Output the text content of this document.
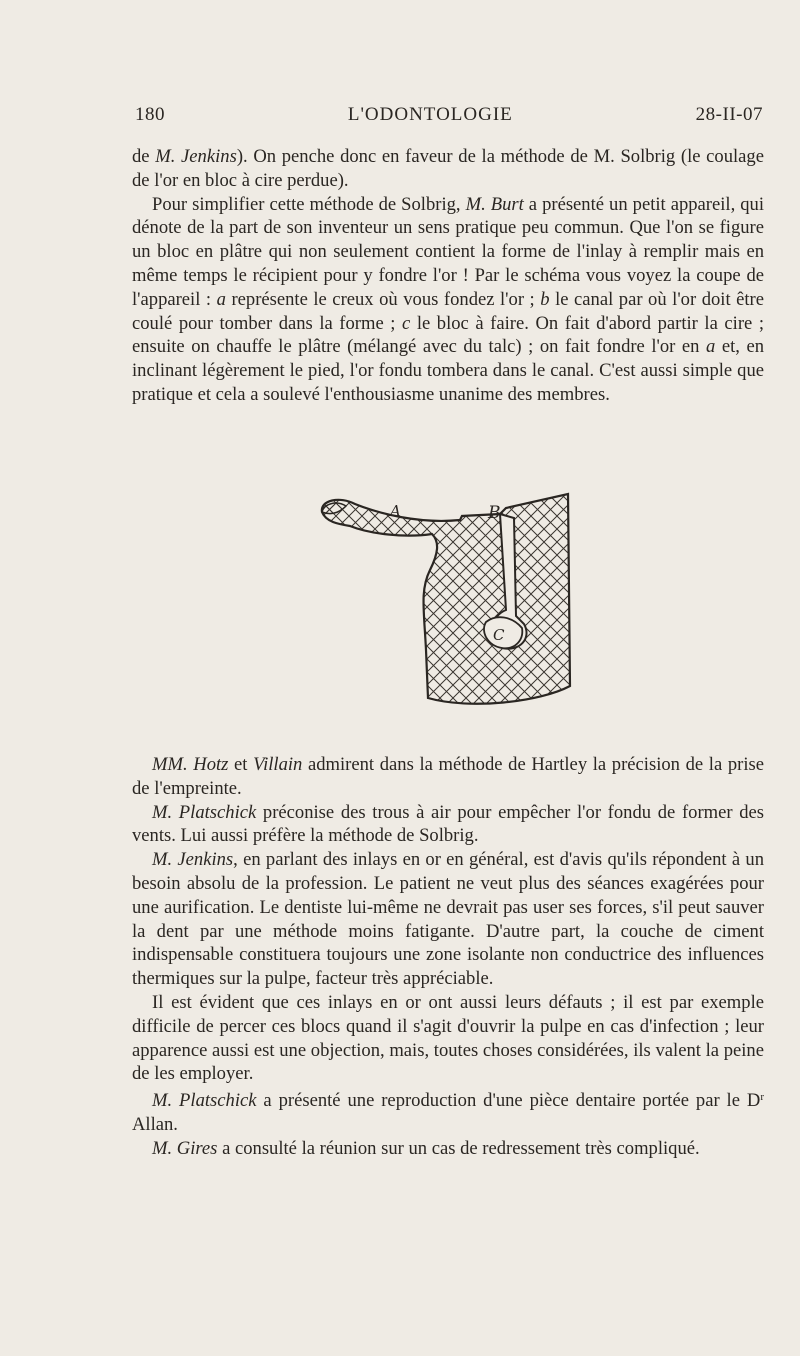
180	L'ODONTOLOGIE	28-II-07

de M. Jenkins). On penche donc en faveur de la méthode de M. Solbrig (le coulage de l'or en bloc à cire perdue).

Pour simplifier cette méthode de Solbrig, M. Burt a présenté un petit appareil, qui dénote de la part de son inventeur un sens pratique peu commun. Que l'on se figure un bloc en plâtre qui non seulement contient la forme de l'inlay à remplir mais en même temps le récipient pour y fondre l'or ! Par le schéma vous voyez la coupe de l'appareil : a représente le creux où vous fondez l'or ; b le canal par où l'or doit être coulé pour tomber dans la forme ; c le bloc à faire. On fait d'abord partir la cire ; ensuite on chauffe le plâtre (mélangé avec du talc) ; on fait fondre l'or en a et, en inclinant légèrement le pied, l'or fondu tombera dans le canal. C'est aussi simple que pratique et cela a soulevé l'enthousiasme unanime des membres.

A	B
C

MM. Hotz et Villain admirent dans la méthode de Hartley la précision de la prise de l'empreinte.

M. Platschick préconise des trous à air pour empêcher l'or fondu de former des vents. Lui aussi préfère la méthode de Solbrig.

M. Jenkins, en parlant des inlays en or en général, est d'avis qu'ils répondent à un besoin absolu de la profession. Le patient ne veut plus des séances exagérées pour une aurification. Le dentiste lui-même ne devrait pas user ses forces, s'il peut sauver la dent par une méthode moins fatigante. D'autre part, la couche de ciment indispensable constituera toujours une zone isolante non conductrice des influences thermiques sur la pulpe, facteur très appréciable.

Il est évident que ces inlays en or ont aussi leurs défauts ; il est par exemple difficile de percer ces blocs quand il s'agit d'ouvrir la pulpe en cas d'infection ; leur apparence aussi est une objection, mais, toutes choses considérées, ils valent la peine de les employer.

M. Platschick a présenté une reproduction d'une pièce dentaire portée par le $D^r$ Allan.

M. Gires a consulté la réunion sur un cas de redressement très compliqué.
